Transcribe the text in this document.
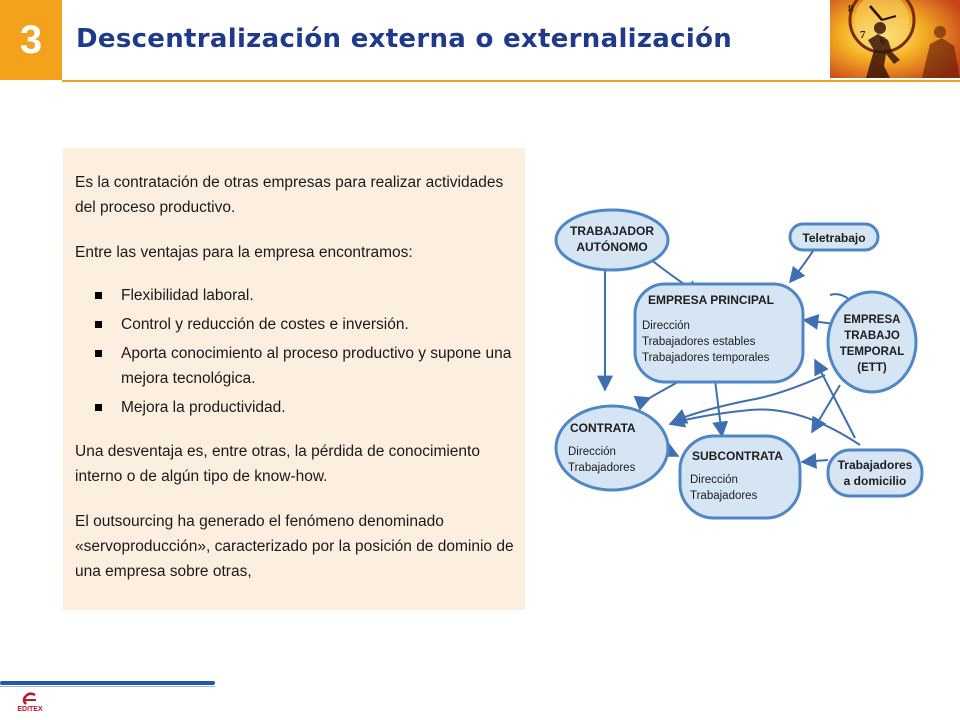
3	Descentralización externa o externalización
8
7
Es la contratación de otras empresas para realizar actividades del proceso productivo.
Entre las ventajas para la empresa encontramos:
Flexibilidad laboral.
Control y reducción de costes e inversión.
Aporta conocimiento al proceso productivo y supone una mejora tecnológica.
Mejora la productividad.
Una desventaja es, entre otras, la pérdida de conocimiento interno o de algún tipo de know-how.
El outsourcing ha generado el fenómeno denominado «servoproducción», caracterizado por la posición de dominio de una empresa sobre otras,
TRABAJADOR
AUTÓNOMO
Teletrabajo
EMPRESA PRINCIPAL
Dirección
Trabajadores estables
Trabajadores temporales
EMPRESA
TRABAJO
TEMPORAL
(ETT)
CONTRATA
Dirección
Trabajadores
SUBCONTRATA
Dirección
Trabajadores
Trabajadores
a domicilio
EDITEX
